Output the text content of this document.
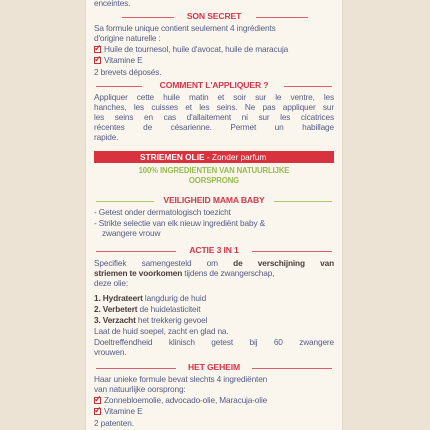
enceintes.
SON SECRET
Sa formule unique contient seulement 4 ingrédients
d'origine naturelle :
✓Huile de tournesol, huile d'avocat, huile de maracuja
✓Vitamine E
2 brevets déposés.
COMMENT L'APPLIQUER ?
Appliquer cette huile matin et soir sur le ventre, les
hanches, les cuisses et les seins. Ne pas appliquer sur
les seins en cas d'allaitement ni sur les cicatrices
récentes de césarienne. Permet un habillage
rapide.
STRIEMEN OLIE - Zonder parfum
100% INGREDIENTEN VAN NATUURLIJKE
OORSPRONG
VEILIGHEID MAMA BABY
- Getest onder dermatologisch toezicht
- Strikte selectie van elk nieuw ingrediënt baby &
zwangere vrouw
ACTIE 3 IN 1
Specifiek samengesteld om de verschijning van
striemen te voorkomen tijdens de zwangerschap,
deze olie:
1. Hydrateert langdurig de huid
2. Verbetert de huidelasticiteit
3. Verzacht het trekkerig gevoel
Laat de huid soepel, zacht en glad na.
Doeltreffendheid klinisch getest bij 60 zwangere
vrouwen.
HET GEHEIM
Haar unieke formule bevat slechts 4 ingrediënten
van natuurlijke oorsprong:
✓Zonnebloemolie, advocado-olie, Maracuja-olie
✓Vitamine E
2 patenten.
